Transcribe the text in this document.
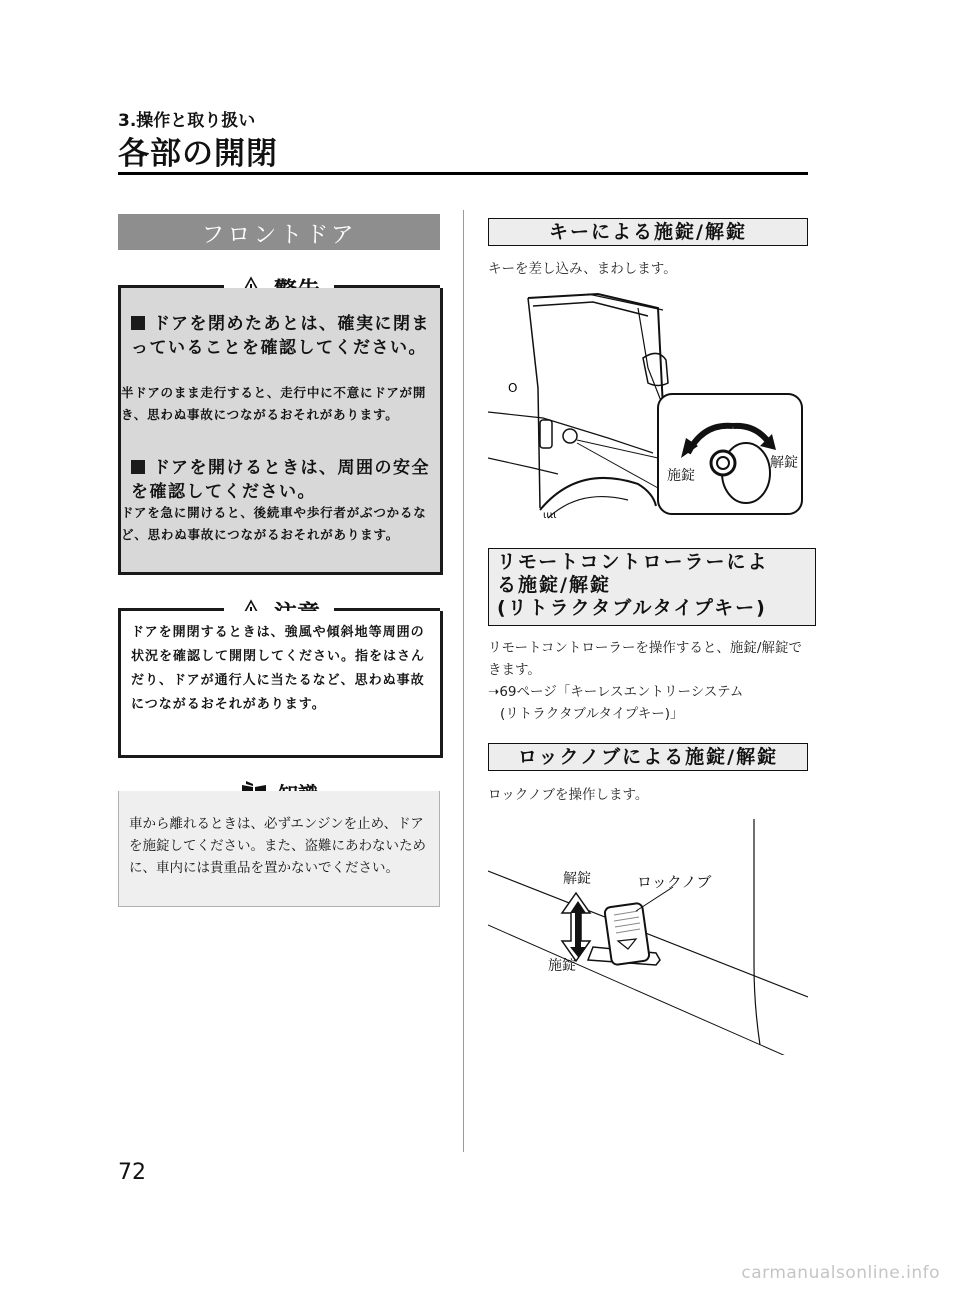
3.操作と取り扱い
各部の開閉
フロントドア
ドアを閉めたあとは、確実に閉まっていることを確認してください。
半ドアのまま走行すると、走行中に不意にドアが開き、思わぬ事故につながるおそれがあります。
ドアを開けるときは、周囲の安全を確認してください。
ドアを急に開けると、後続車や歩行者がぶつかるなど、思わぬ事故につながるおそれがあります。
ドアを開閉するときは、強風や傾斜地等周囲の状況を確認して開閉してください。指をはさんだり、ドアが通行人に当たるなど、思わぬ事故につながるおそれがあります。
車から離れるときは、必ずエンジンを止め、ドアを施錠してください。また、盗難にあわないために、車内には貴重品を置かないでください。
キーによる施錠/解錠
キーを差し込み、まわします。
O
ιιιι
施錠
解錠
リモートコントローラーによ
る施錠/解錠
(リトラクタブルタイプキー)
リモートコントローラーを操作すると、施錠/解錠できます。
➝69ページ「キーレスエントリーシステム
(リトラクタブルタイプキー)」
ロックノブによる施錠/解錠
ロックノブを操作します。
解錠
施錠
ロックノブ
72
carmanualsonline.info
